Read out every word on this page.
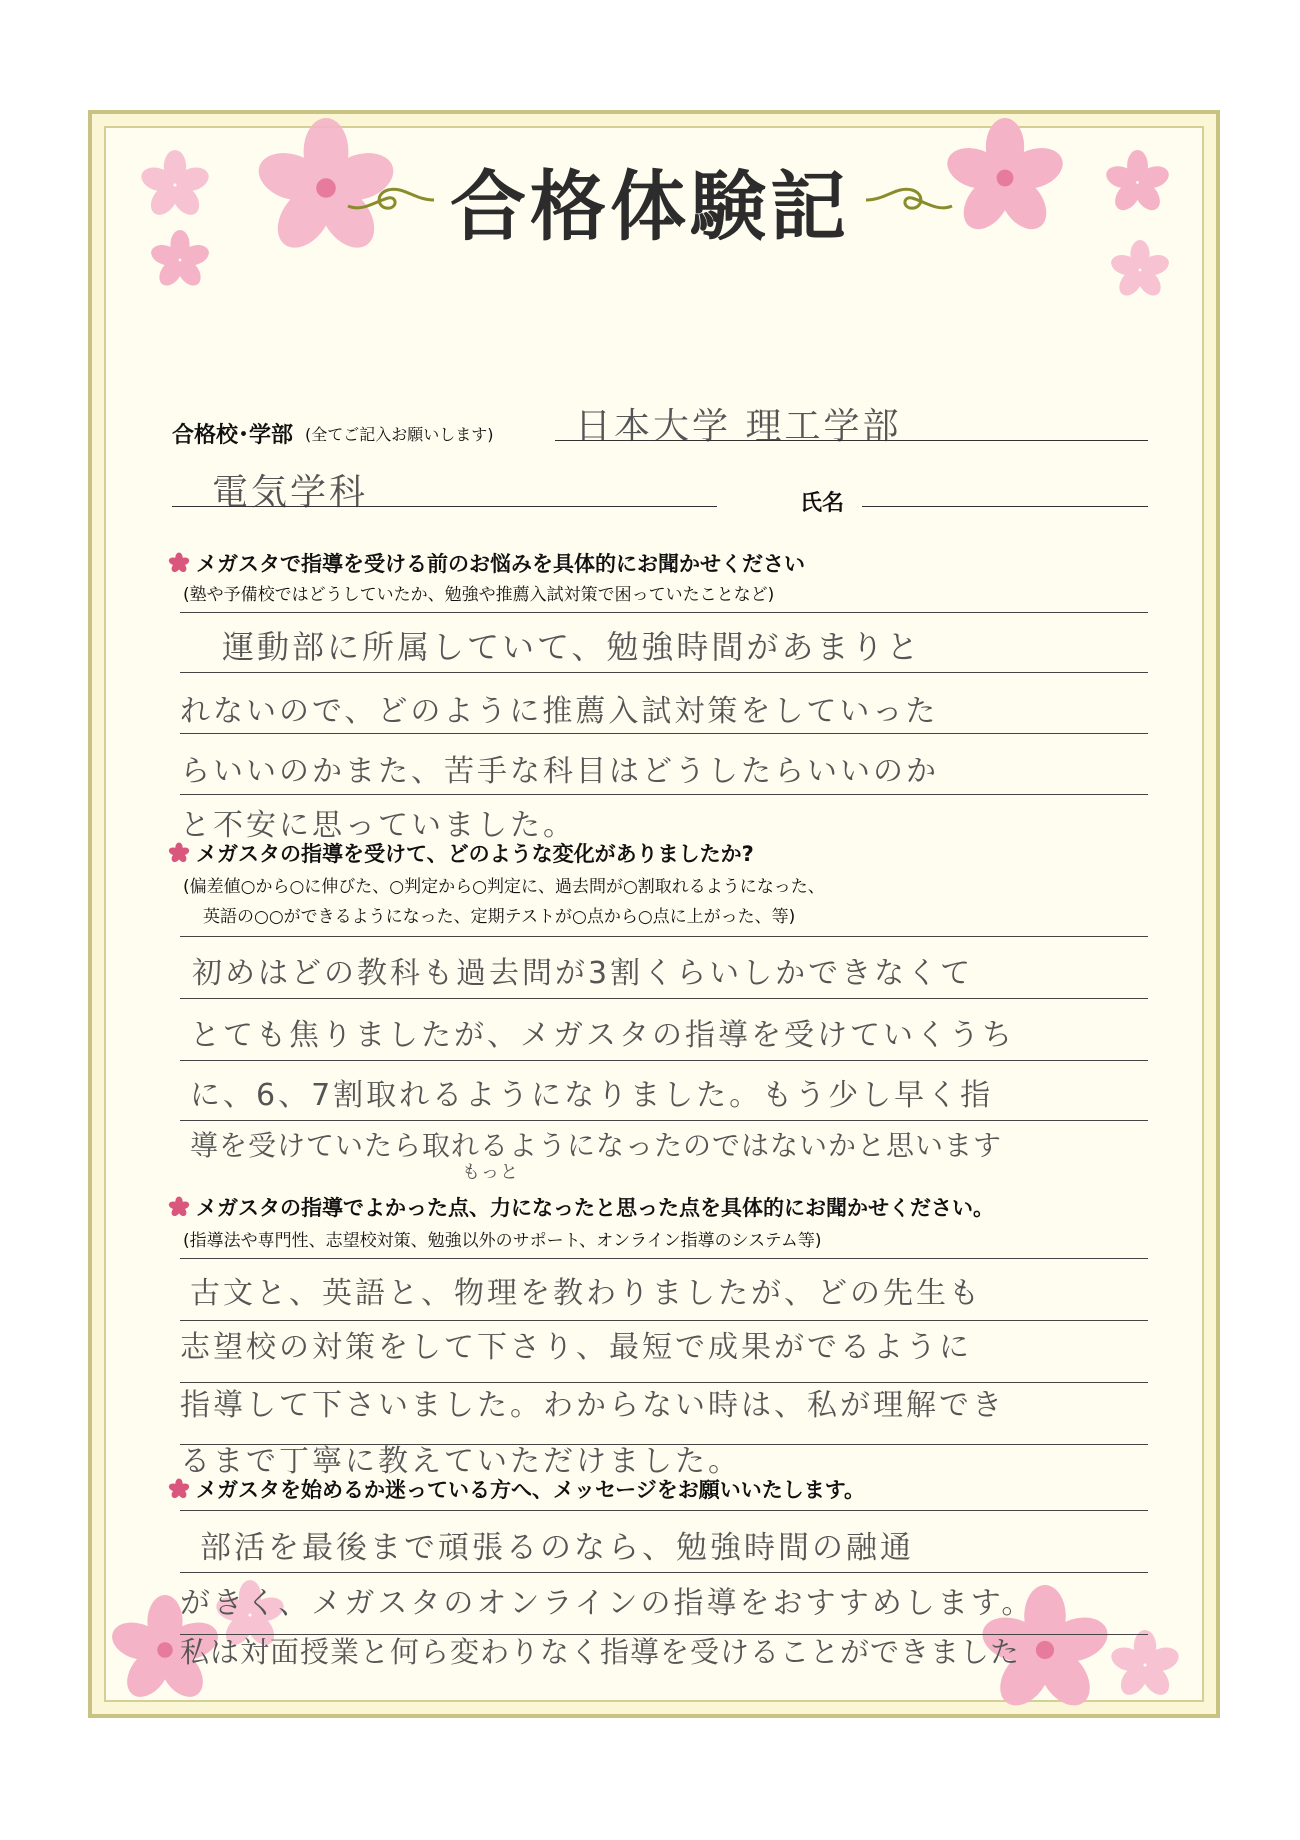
合格体験記
合格校･学部 (全てご記入お願いします) 日本大学 理工学部
電気学科	氏名
メガスタで指導を受ける前のお悩みを具体的にお聞かせください
(塾や予備校ではどうしていたか、勉強や推薦入試対策で困っていたことなど)
運動部に所属していて、勉強時間があまりと
れないので、どのように推薦入試対策をしていった
らいいのかまた、苦手な科目はどうしたらいいのか
と不安に思っていました。
メガスタの指導を受けて、どのような変化がありましたか?
(偏差値○から○に伸びた、○判定から○判定に、過去問が○割取れるようになった、
英語の○○ができるようになった、定期テストが○点から○点に上がった、等)
初めはどの教科も過去問が3割くらいしかできなくて
とても焦りましたが、メガスタの指導を受けていくうち
に、6、7割取れるようになりました。もう少し早く指
導を受けていたら取れるようになったのではないかと思います
もっと
メガスタの指導でよかった点、力になったと思った点を具体的にお聞かせください。
(指導法や専門性、志望校対策、勉強以外のサポート、オンライン指導のシステム等)
古文と、英語と、物理を教わりましたが、どの先生も
志望校の対策をして下さり、最短で成果がでるように
指導して下さいました。わからない時は、私が理解でき
るまで丁寧に教えていただけました。
メガスタを始めるか迷っている方へ、メッセージをお願いいたします。
部活を最後まで頑張るのなら、勉強時間の融通
がきく、メガスタのオンラインの指導をおすすめします。
私は対面授業と何ら変わりなく指導を受けることができました
